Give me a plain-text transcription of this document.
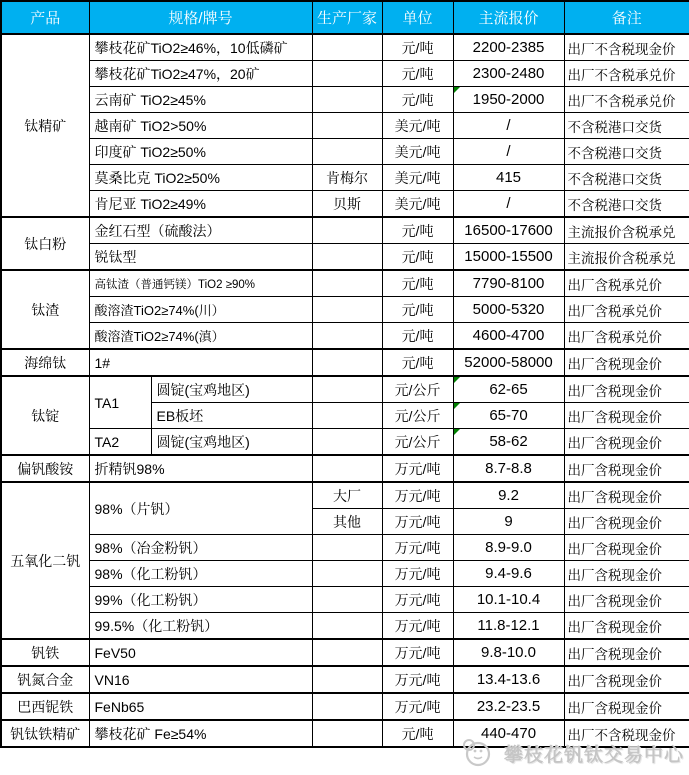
产品	规格/牌号		生产厂家	单位	主流报价	备注
钛精矿	攀枝花矿TiO2≥46%，10低磷矿			元/吨	2200-2385	出厂不含税现金价
	攀枝花矿TiO2≥47%，20矿			元/吨	2300-2480	出厂不含税承兑价
	云南矿 TiO2≥45%			元/吨	1950-2000	出厂不含税承兑价
	越南矿 TiO2>50%			美元/吨	/	不含税港口交货
	印度矿 TiO2≥50%			美元/吨	/	不含税港口交货
	莫桑比克 TiO2≥50%		肯梅尔	美元/吨	415	不含税港口交货
	肯尼亚 TiO2≥49%		贝斯	美元/吨	/	不含税港口交货
钛白粉	金红石型（硫酸法）			元/吨	16500-17600	主流报价含税承兑
	锐钛型			元/吨	15000-15500	主流报价含税承兑
钛渣	高钛渣（普通钙镁）TiO2 ≥90%			元/吨	7790-8100	出厂含税承兑价
	酸溶渣TiO2≥74%(川）			元/吨	5000-5320	出厂含税承兑价
	酸溶渣TiO2≥74%(滇）			元/吨	4600-4700	出厂含税承兑价
海绵钛	1#			元/吨	52000-58000	出厂含税现金价
钛锭	TA1	圆锭(宝鸡地区)		元/公斤	62-65	出厂含税现金价
		EB板坯		元/公斤	65-70	出厂含税现金价
	TA2	圆锭(宝鸡地区)		元/公斤	58-62	出厂含税现金价
偏钒酸铵	折精钒98%			万元/吨	8.7-8.8	出厂含税现金价
五氧化二钒	98%（片钒）		大厂	万元/吨	9.2	出厂含税现金价
			其他	万元/吨	9	出厂含税现金价
	98%（冶金粉钒）			万元/吨	8.9-9.0	出厂含税现金价
	98%（化工粉钒）			万元/吨	9.4-9.6	出厂含税现金价
	99%（化工粉钒）			万元/吨	10.1-10.4	出厂含税现金价
	99.5%（化工粉钒）			万元/吨	11.8-12.1	出厂含税现金价
钒铁	FeV50			万元/吨	9.8-10.0	出厂含税现金价
钒氮合金	VN16			万元/吨	13.4-13.6	出厂含税现金价
巴西铌铁	FeNb65			万元/吨	23.2-23.5	出厂含税现金价
钒钛铁精矿	攀枝花矿 Fe≥54%			元/吨	440-470	出厂不含税现金价
攀枝花钒钛交易中心
